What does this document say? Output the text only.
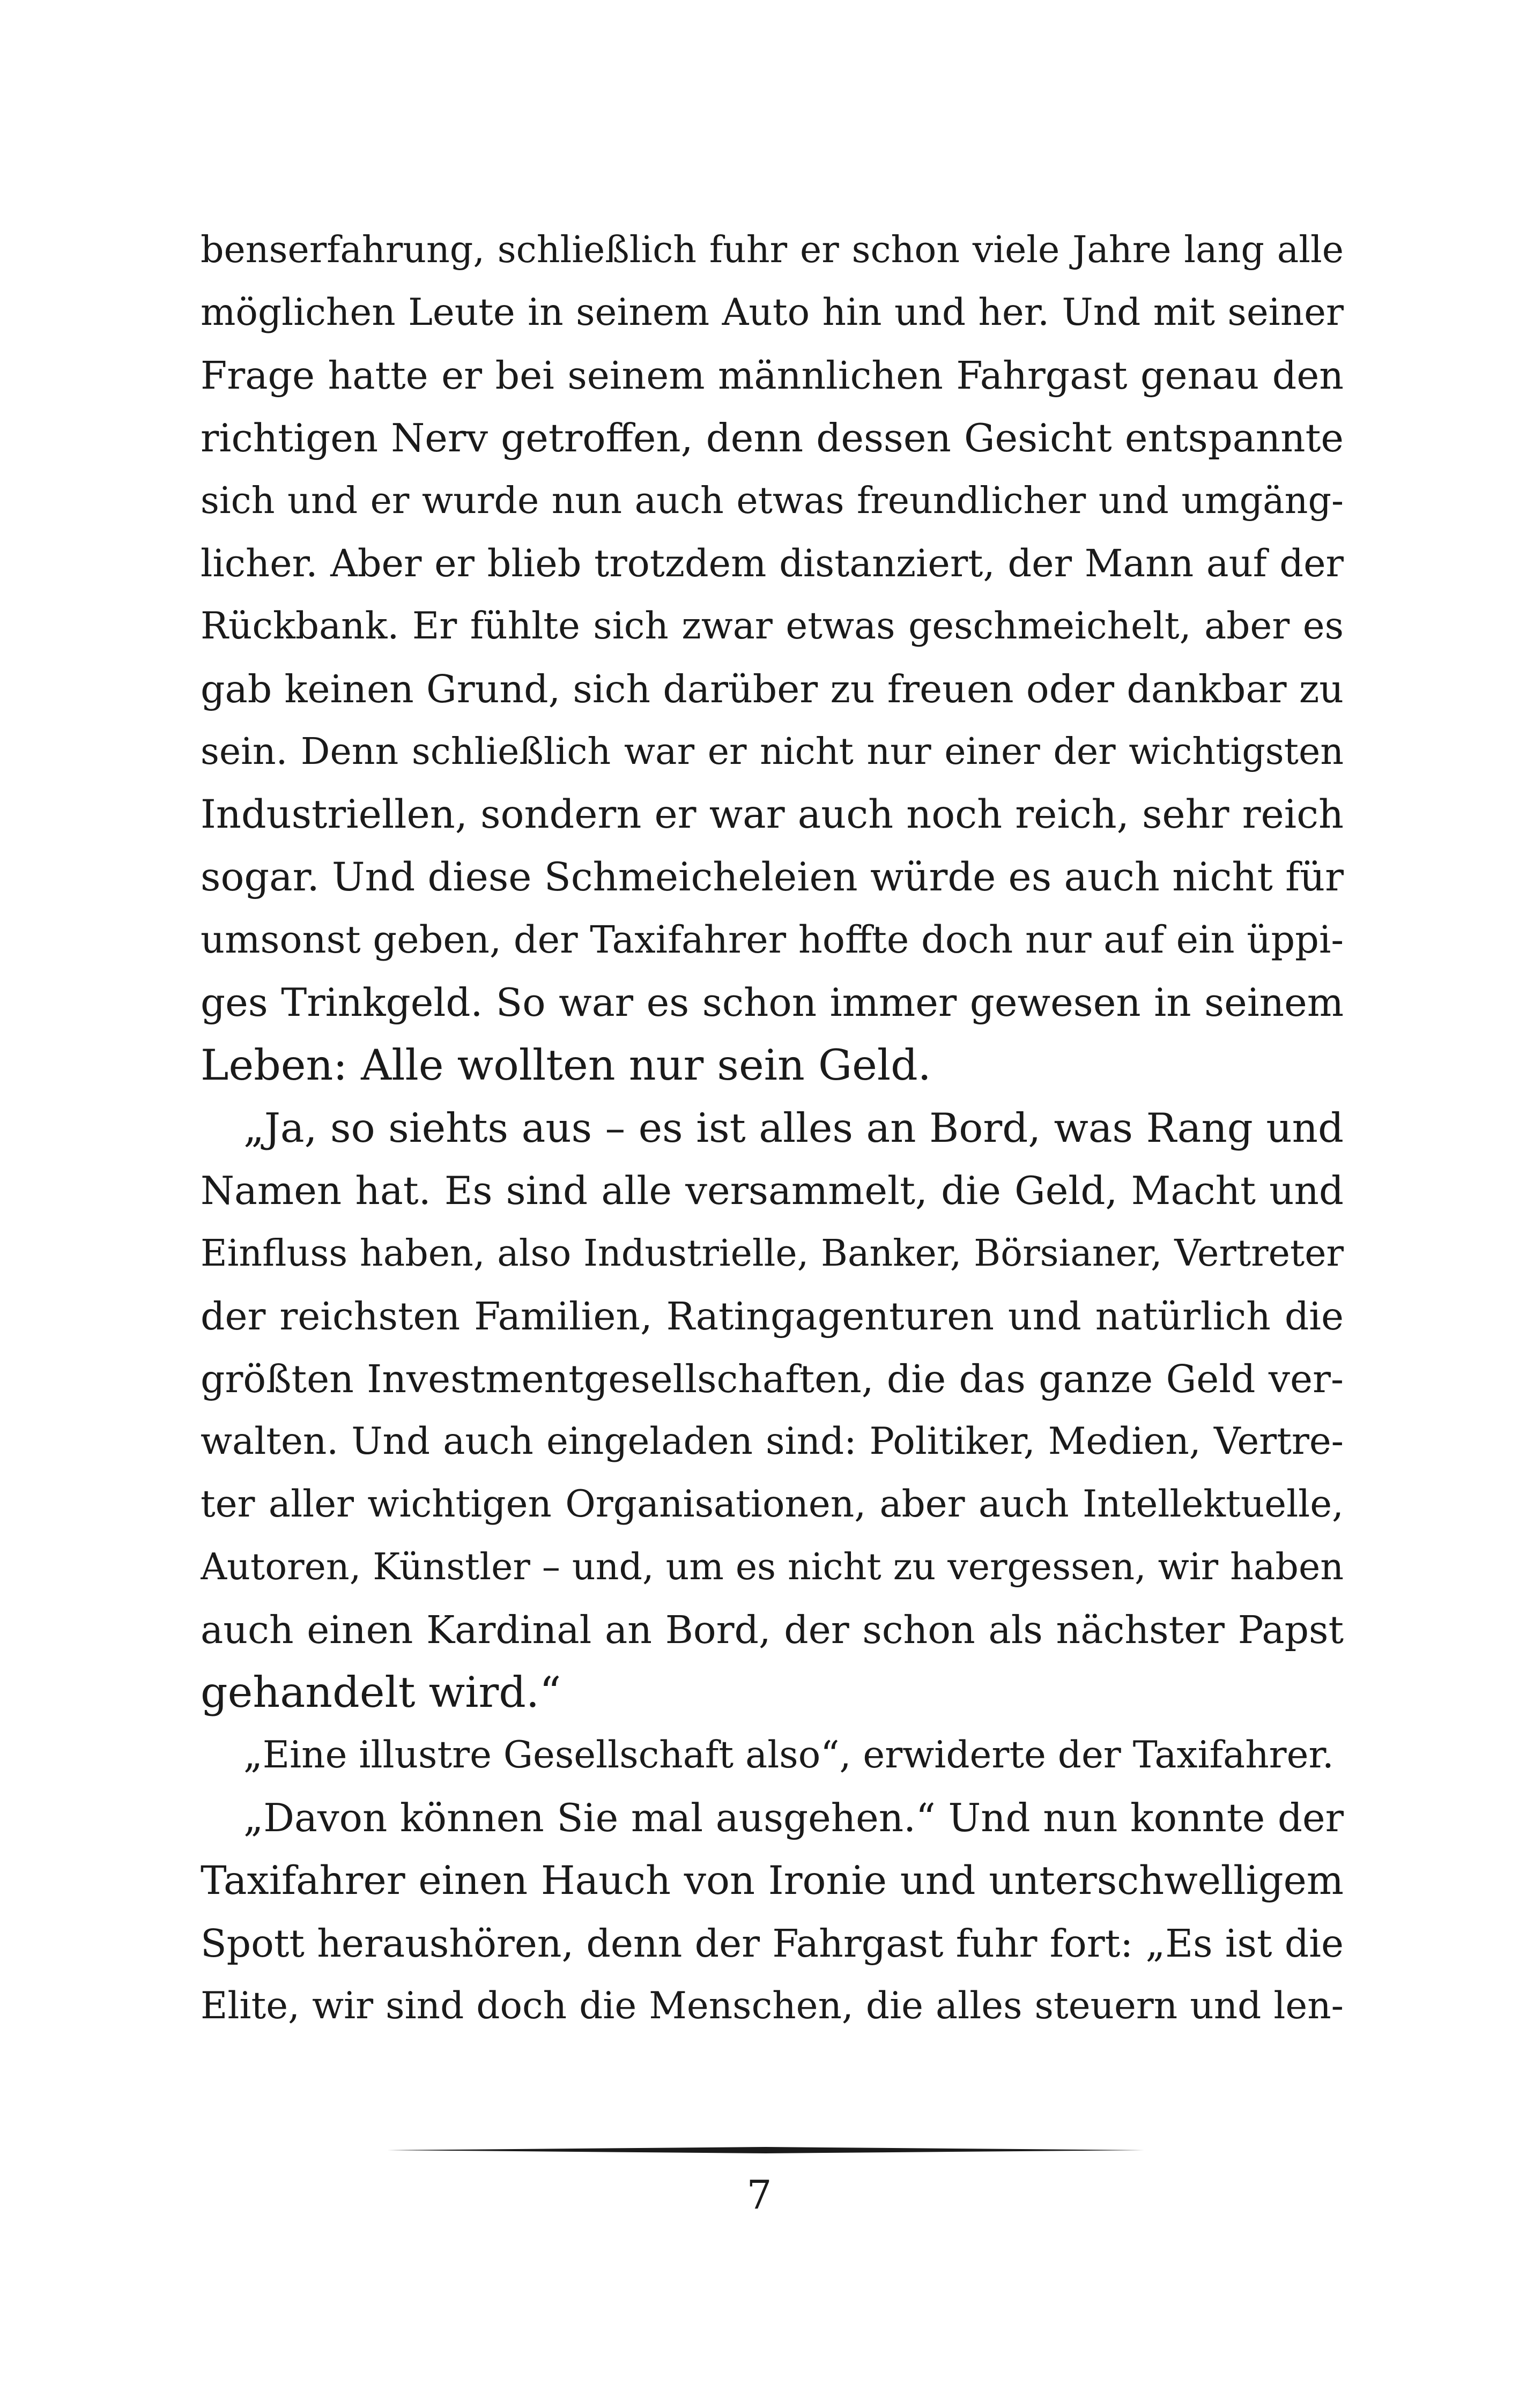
benserfahrung, schließlich fuhr er schon viele Jahre lang alle
möglichen Leute in seinem Auto hin und her. Und mit seiner
Frage hatte er bei seinem männlichen Fahrgast genau den
richtigen Nerv getroffen, denn dessen Gesicht entspannte
sich und er wurde nun auch etwas freundlicher und umgäng-
licher. Aber er blieb trotzdem distanziert, der Mann auf der
Rückbank. Er fühlte sich zwar etwas geschmeichelt, aber es
gab keinen Grund, sich darüber zu freuen oder dankbar zu
sein. Denn schließlich war er nicht nur einer der wichtigsten
Industriellen, sondern er war auch noch reich, sehr reich
sogar. Und diese Schmeicheleien würde es auch nicht für
umsonst geben, der Taxifahrer hoffte doch nur auf ein üppi-
ges Trinkgeld. So war es schon immer gewesen in seinem
Leben: Alle wollten nur sein Geld.
„Ja, so siehts aus – es ist alles an Bord, was Rang und
Namen hat. Es sind alle versammelt, die Geld, Macht und
Einfluss haben, also Industrielle, Banker, Börsianer, Vertreter
der reichsten Familien, Ratingagenturen und natürlich die
größten Investmentgesellschaften, die das ganze Geld ver-
walten. Und auch eingeladen sind: Politiker, Medien, Vertre-
ter aller wichtigen Organisationen, aber auch Intellektuelle,
Autoren, Künstler – und, um es nicht zu vergessen, wir haben
auch einen Kardinal an Bord, der schon als nächster Papst
gehandelt wird.“
„Eine illustre Gesellschaft also“, erwiderte der Taxifahrer.
„Davon können Sie mal ausgehen.“ Und nun konnte der
Taxifahrer einen Hauch von Ironie und unterschwelligem
Spott heraushören, denn der Fahrgast fuhr fort: „Es ist die
Elite, wir sind doch die Menschen, die alles steuern und len-
7
